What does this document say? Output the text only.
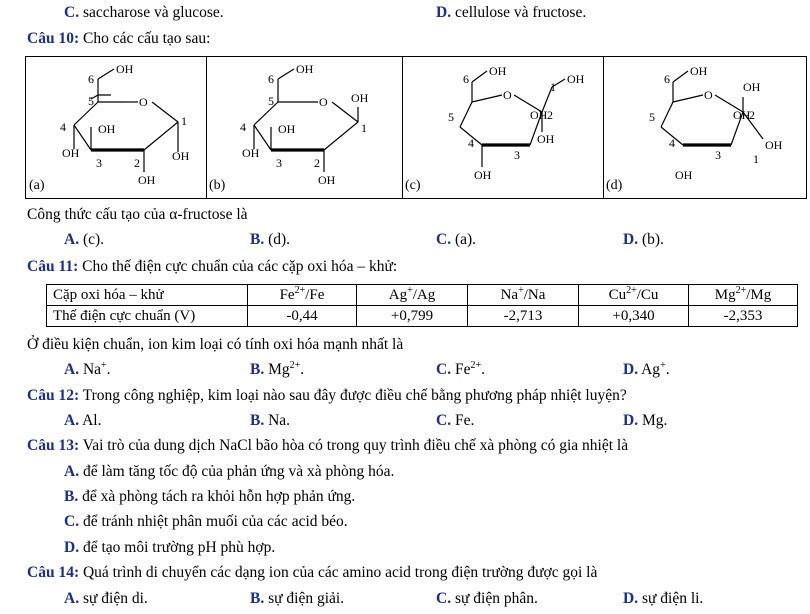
C. saccharose và glucose.	D. cellulose và fructose.
Câu 10: Cho các cấu tạo sau:
OH
6
5	O
1
4	OH
OH
3	2	OH
OH
(a)
OH
6
5	O OH
1
4	OH
OH
3	2
OH
(b)
OH
6
O
1
OH
OH 2
OH
5
4
3
OH
(c)
OH
6
O
OH
OH
2
OH
1
5
4
3
OH
(d)
Công thức cấu tạo của α-fructose là
A. (c).	B. (d).	C. (a).	D. (b).
Câu 11: Cho thế điện cực chuẩn của các cặp oxi hóa – khử:
Cặp oxi hóa – khử	$Fe^{2+}/Fe$	Ag+/Ag	Na+/Na	$Cu^{2+}/Cu$	$Mg^{2+}/Mg$
Thế điện cực chuẩn (V)	-0,44	+0,799	-2,713	+0,340	-2,353
Ở điều kiện chuẩn, ion kim loại có tính oxi hóa mạnh nhất là
A. Na+.	B. $Mg^{2+}$.	C. $Fe^{2+}$.	D. Ag+.
Câu 12: Trong công nghiệp, kim loại nào sau đây được điều chế bằng phương pháp nhiệt luyện?
A. Al.	B. Na.	C. Fe.	D. Mg.
Câu 13: Vai trò của dung dịch NaCl bão hòa có trong quy trình điều chế xà phòng có gia nhiệt là
A. để làm tăng tốc độ của phản ứng và xà phòng hóa.
B. để xà phòng tách ra khỏi hỗn hợp phản ứng.
C. để tránh nhiệt phân muối của các acid béo.
D. để tạo môi trường pH phù hợp.
Câu 14: Quá trình di chuyển các dạng ion của các amino acid trong điện trường được gọi là
A. sự điện di.	B. sự điện giải.	C. sự điện phân.	D. sự điện li.
